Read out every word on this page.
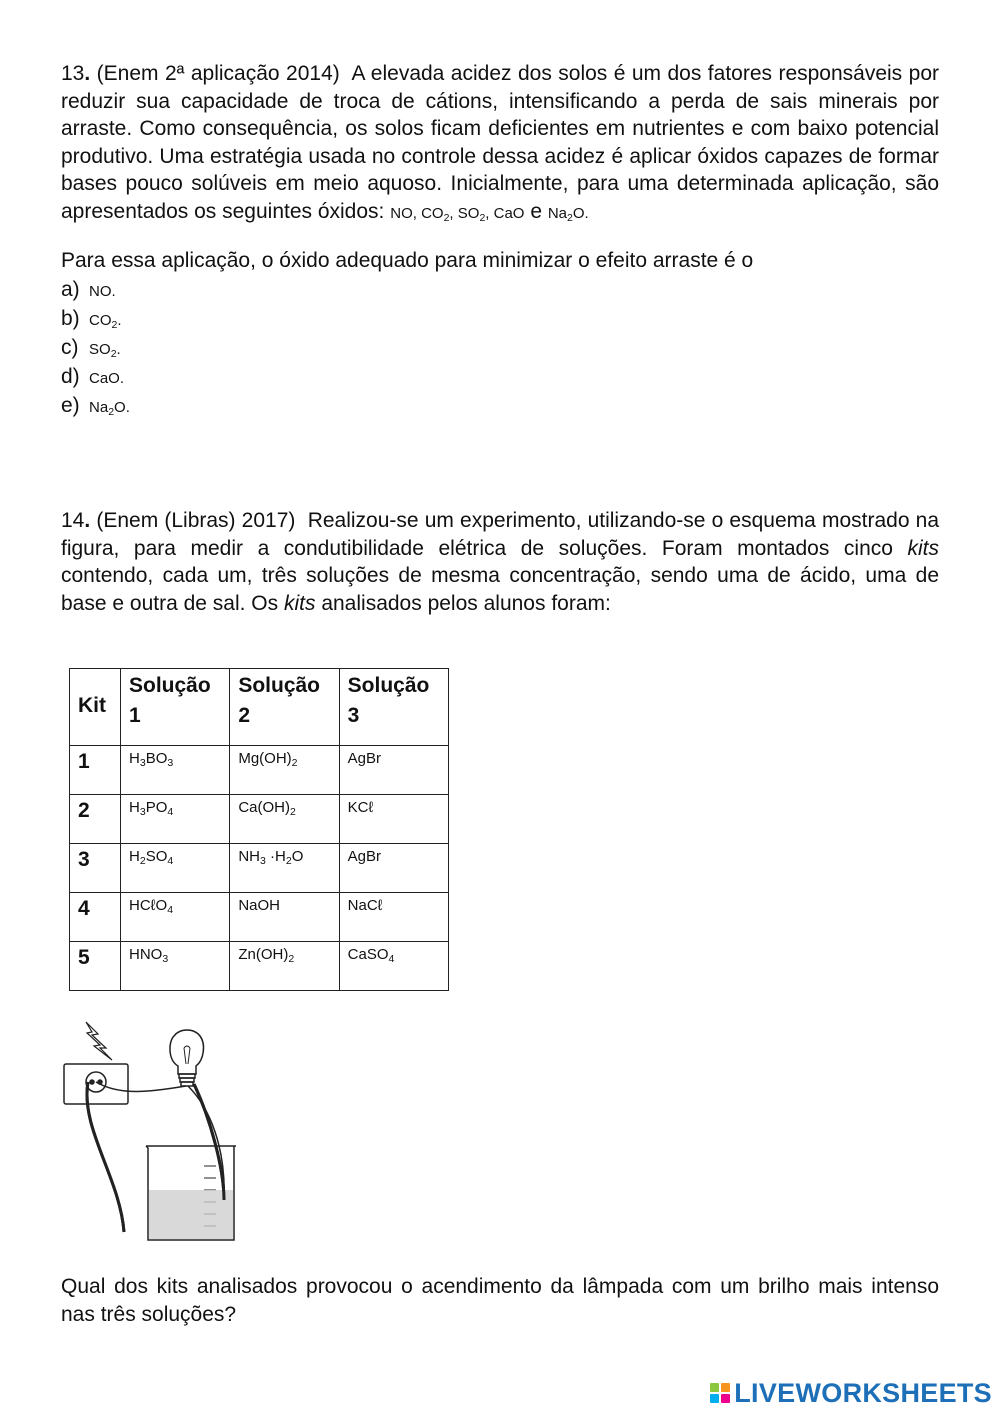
13. (Enem 2ª aplicação 2014) A elevada acidez dos solos é um dos fatores responsáveis por reduzir sua capacidade de troca de cátions, intensificando a perda de sais minerais por arraste. Como consequência, os solos ficam deficientes em nutrientes e com baixo potencial produtivo. Uma estratégia usada no controle dessa acidez é aplicar óxidos capazes de formar bases pouco solúveis em meio aquoso. Inicialmente, para uma determinada aplicação, são apresentados os seguintes óxidos: NO, $CO_2$, $SO_2$, CaO e $Na_2O$.

Para essa aplicação, o óxido adequado para minimizar o efeito arraste é o

a) NO.
b) $CO_2$.
c) $SO_2$.
d) CaO.
e) $Na_2O$.

14. (Enem (Libras) 2017) Realizou-se um experimento, utilizando-se o esquema mostrado na figura, para medir a condutibilidade elétrica de soluções. Foram montados cinco kits contendo, cada um, três soluções de mesma concentração, sendo uma de ácido, uma de base e outra de sal. Os kits analisados pelos alunos foram:

Kit	Solução 1	Solução 2	Solução 3
1	$H_3BO_3$	$Mg(OH)_2$	AgBr
2	$H_3PO_4$	$Ca(OH)_2$	KCℓ
3	$H_2SO_4$	$NH_3 \cdot H_2O$	AgBr
4	HCℓO$_4$	NaOH	NaCℓ
5	$HNO_3$	$Zn(OH)_2$	CaSO$_4$

Qual dos kits analisados provocou o acendimento da lâmpada com um brilho mais intenso nas três soluções?

LIVEWORKSHEETS
